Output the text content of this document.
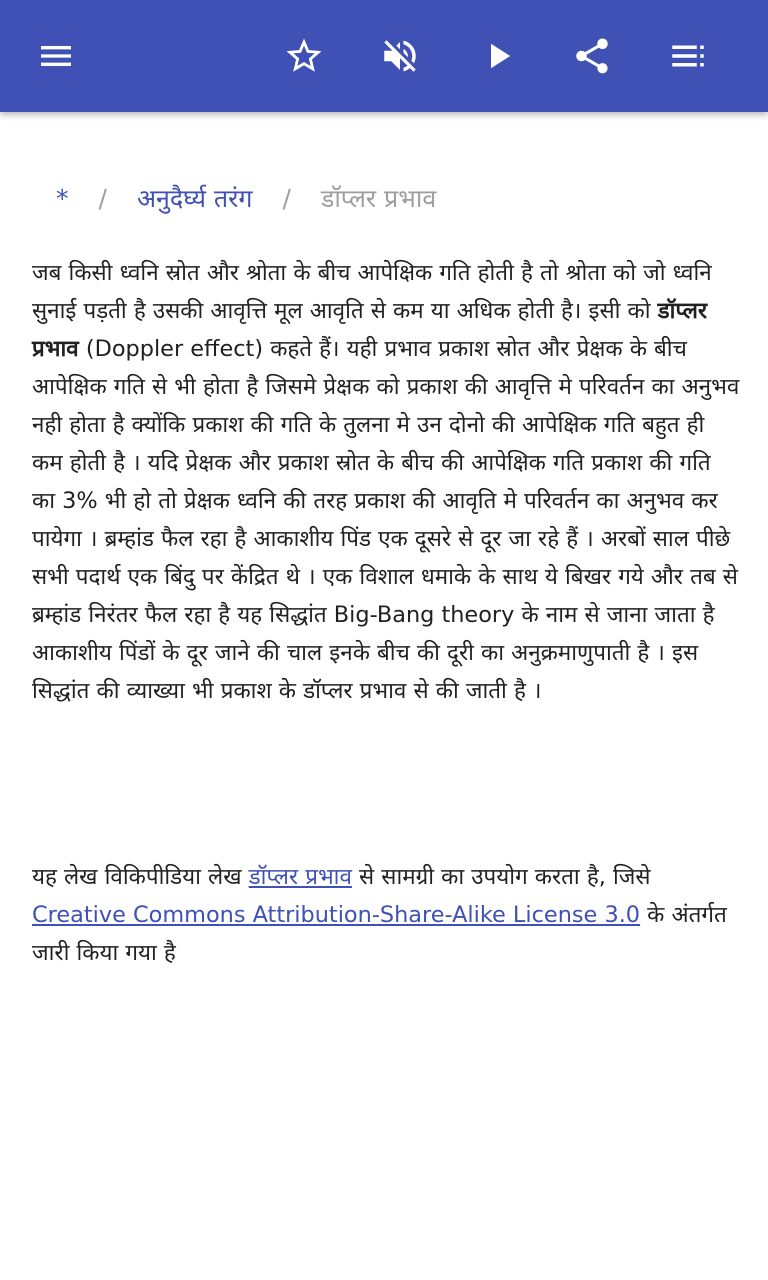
* / अनुदैर्घ्य तरंग / डॉप्लर प्रभाव

जब किसी ध्वनि स्रोत और श्रोता के बीच आपेक्षिक गति होती है तो श्रोता को जो ध्वनि सुनाई पड़ती है उसकी आवृत्ति मूल आवृति से कम या अधिक होती है। इसी को डॉप्लर प्रभाव (Doppler effect) कहते हैं। यही प्रभाव प्रकाश स्रोत और प्रेक्षक के बीच आपेक्षिक गति से भी होता है जिसमे प्रेक्षक को प्रकाश की आवृत्ति मे परिवर्तन का अनुभव नही होता है क्योंकि प्रकाश की गति के तुलना मे उन दोनो की आपेक्षिक गति बहुत ही कम होती है । यदि प्रेक्षक और प्रकाश स्रोत के बीच की आपेक्षिक गति प्रकाश की गति का 3% भी हो तो प्रेक्षक ध्वनि की तरह प्रकाश की आवृति मे परिवर्तन का अनुभव कर पायेगा । ब्रम्हांड फैल रहा है आकाशीय पिंड एक दूसरे से दूर जा रहे हैं । अरबों साल पीछे सभी पदार्थ एक बिंदु पर केंद्रित थे । एक विशाल धमाके के साथ ये बिखर गये और तब से ब्रम्हांड निरंतर फैल रहा है यह सिद्धांत Big-Bang theory के नाम से जाना जाता है आकाशीय पिंडों के दूर जाने की चाल इनके बीच की दूरी का अनुक्रमाणुपाती है । इस सिद्धांत की व्याख्या भी प्रकाश के डॉप्लर प्रभाव से की जाती है ।

यह लेख विकिपीडिया लेख डॉप्लर प्रभाव से सामग्री का उपयोग करता है, जिसे Creative Commons Attribution-Share-Alike License 3.0 के अंतर्गत जारी किया गया है
